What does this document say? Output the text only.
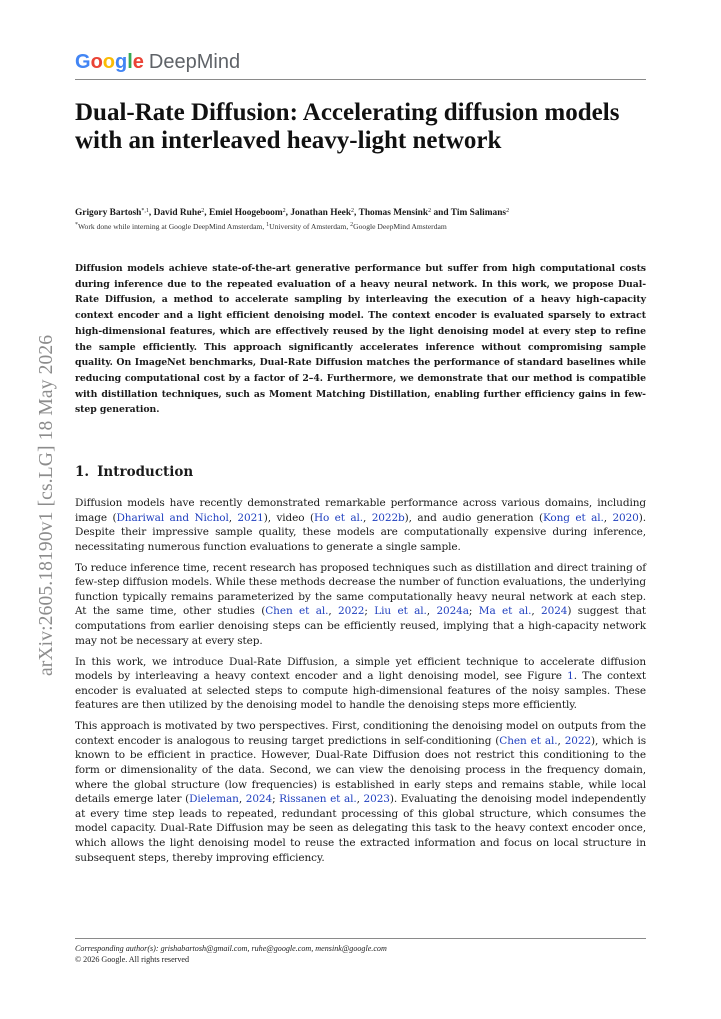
Google DeepMind
arXiv:2605.18190v1 [cs.LG] 18 May 2026
Dual-Rate Diffusion: Accelerating diffusion models with an interleaved heavy-light network
Grigory Bartosh$^{*,1}$, David Ruhe$^2$, Emiel Hoogeboom$^2$, Jonathan Heek$^2$, Thomas Mensink$^2$ and Tim Salimans$^2$
*Work done while interning at Google DeepMind Amsterdam, $^1$University of Amsterdam, $^2$Google DeepMind Amsterdam

Diffusion models achieve state-of-the-art generative performance but suffer from high computational costs during inference due to the repeated evaluation of a heavy neural network. In this work, we propose Dual-Rate Diffusion, a method to accelerate sampling by interleaving the execution of a heavy high-capacity context encoder and a light efficient denoising model. The context encoder is evaluated sparsely to extract high-dimensional features, which are effectively reused by the light denoising model at every step to refine the sample efficiently. This approach significantly accelerates inference without compromising sample quality. On ImageNet benchmarks, Dual-Rate Diffusion matches the performance of standard baselines while reducing computational cost by a factor of 2–4. Furthermore, we demonstrate that our method is compatible with distillation techniques, such as Moment Matching Distillation, enabling further efficiency gains in few-step generation.

1. Introduction

Diffusion models have recently demonstrated remarkable performance across various domains, including image (Dhariwal and Nichol, 2021), video (Ho et al., 2022b), and audio generation (Kong et al., 2020). Despite their impressive sample quality, these models are computationally expensive during inference, necessitating numerous function evaluations to generate a single sample.

To reduce inference time, recent research has proposed techniques such as distillation and direct training of few-step diffusion models. While these methods decrease the number of function evaluations, the underlying function typically remains parameterized by the same computationally heavy neural network at each step. At the same time, other studies (Chen et al., 2022; Liu et al., 2024a; Ma et al., 2024) suggest that computations from earlier denoising steps can be efficiently reused, implying that a high-capacity network may not be necessary at every step.

In this work, we introduce Dual-Rate Diffusion, a simple yet efficient technique to accelerate diffusion models by interleaving a heavy context encoder and a light denoising model, see Figure 1. The context encoder is evaluated at selected steps to compute high-dimensional features of the noisy samples. These features are then utilized by the denoising model to handle the denoising steps more efficiently.

This approach is motivated by two perspectives. First, conditioning the denoising model on outputs from the context encoder is analogous to reusing target predictions in self-conditioning (Chen et al., 2022), which is known to be efficient in practice. However, Dual-Rate Diffusion does not restrict this conditioning to the form or dimensionality of the data. Second, we can view the denoising process in the frequency domain, where the global structure (low frequencies) is established in early steps and remains stable, while local details emerge later (Dieleman, 2024; Rissanen et al., 2023). Evaluating the denoising model independently at every time step leads to repeated, redundant processing of this global structure, which consumes the model capacity. Dual-Rate Diffusion may be seen as delegating this task to the heavy context encoder once, which allows the light denoising model to reuse the extracted information and focus on local structure in subsequent steps, thereby improving efficiency.

Corresponding author(s): grishabartosh@gmail.com, ruhe@google.com, mensink@google.com
© 2026 Google. All rights reserved
